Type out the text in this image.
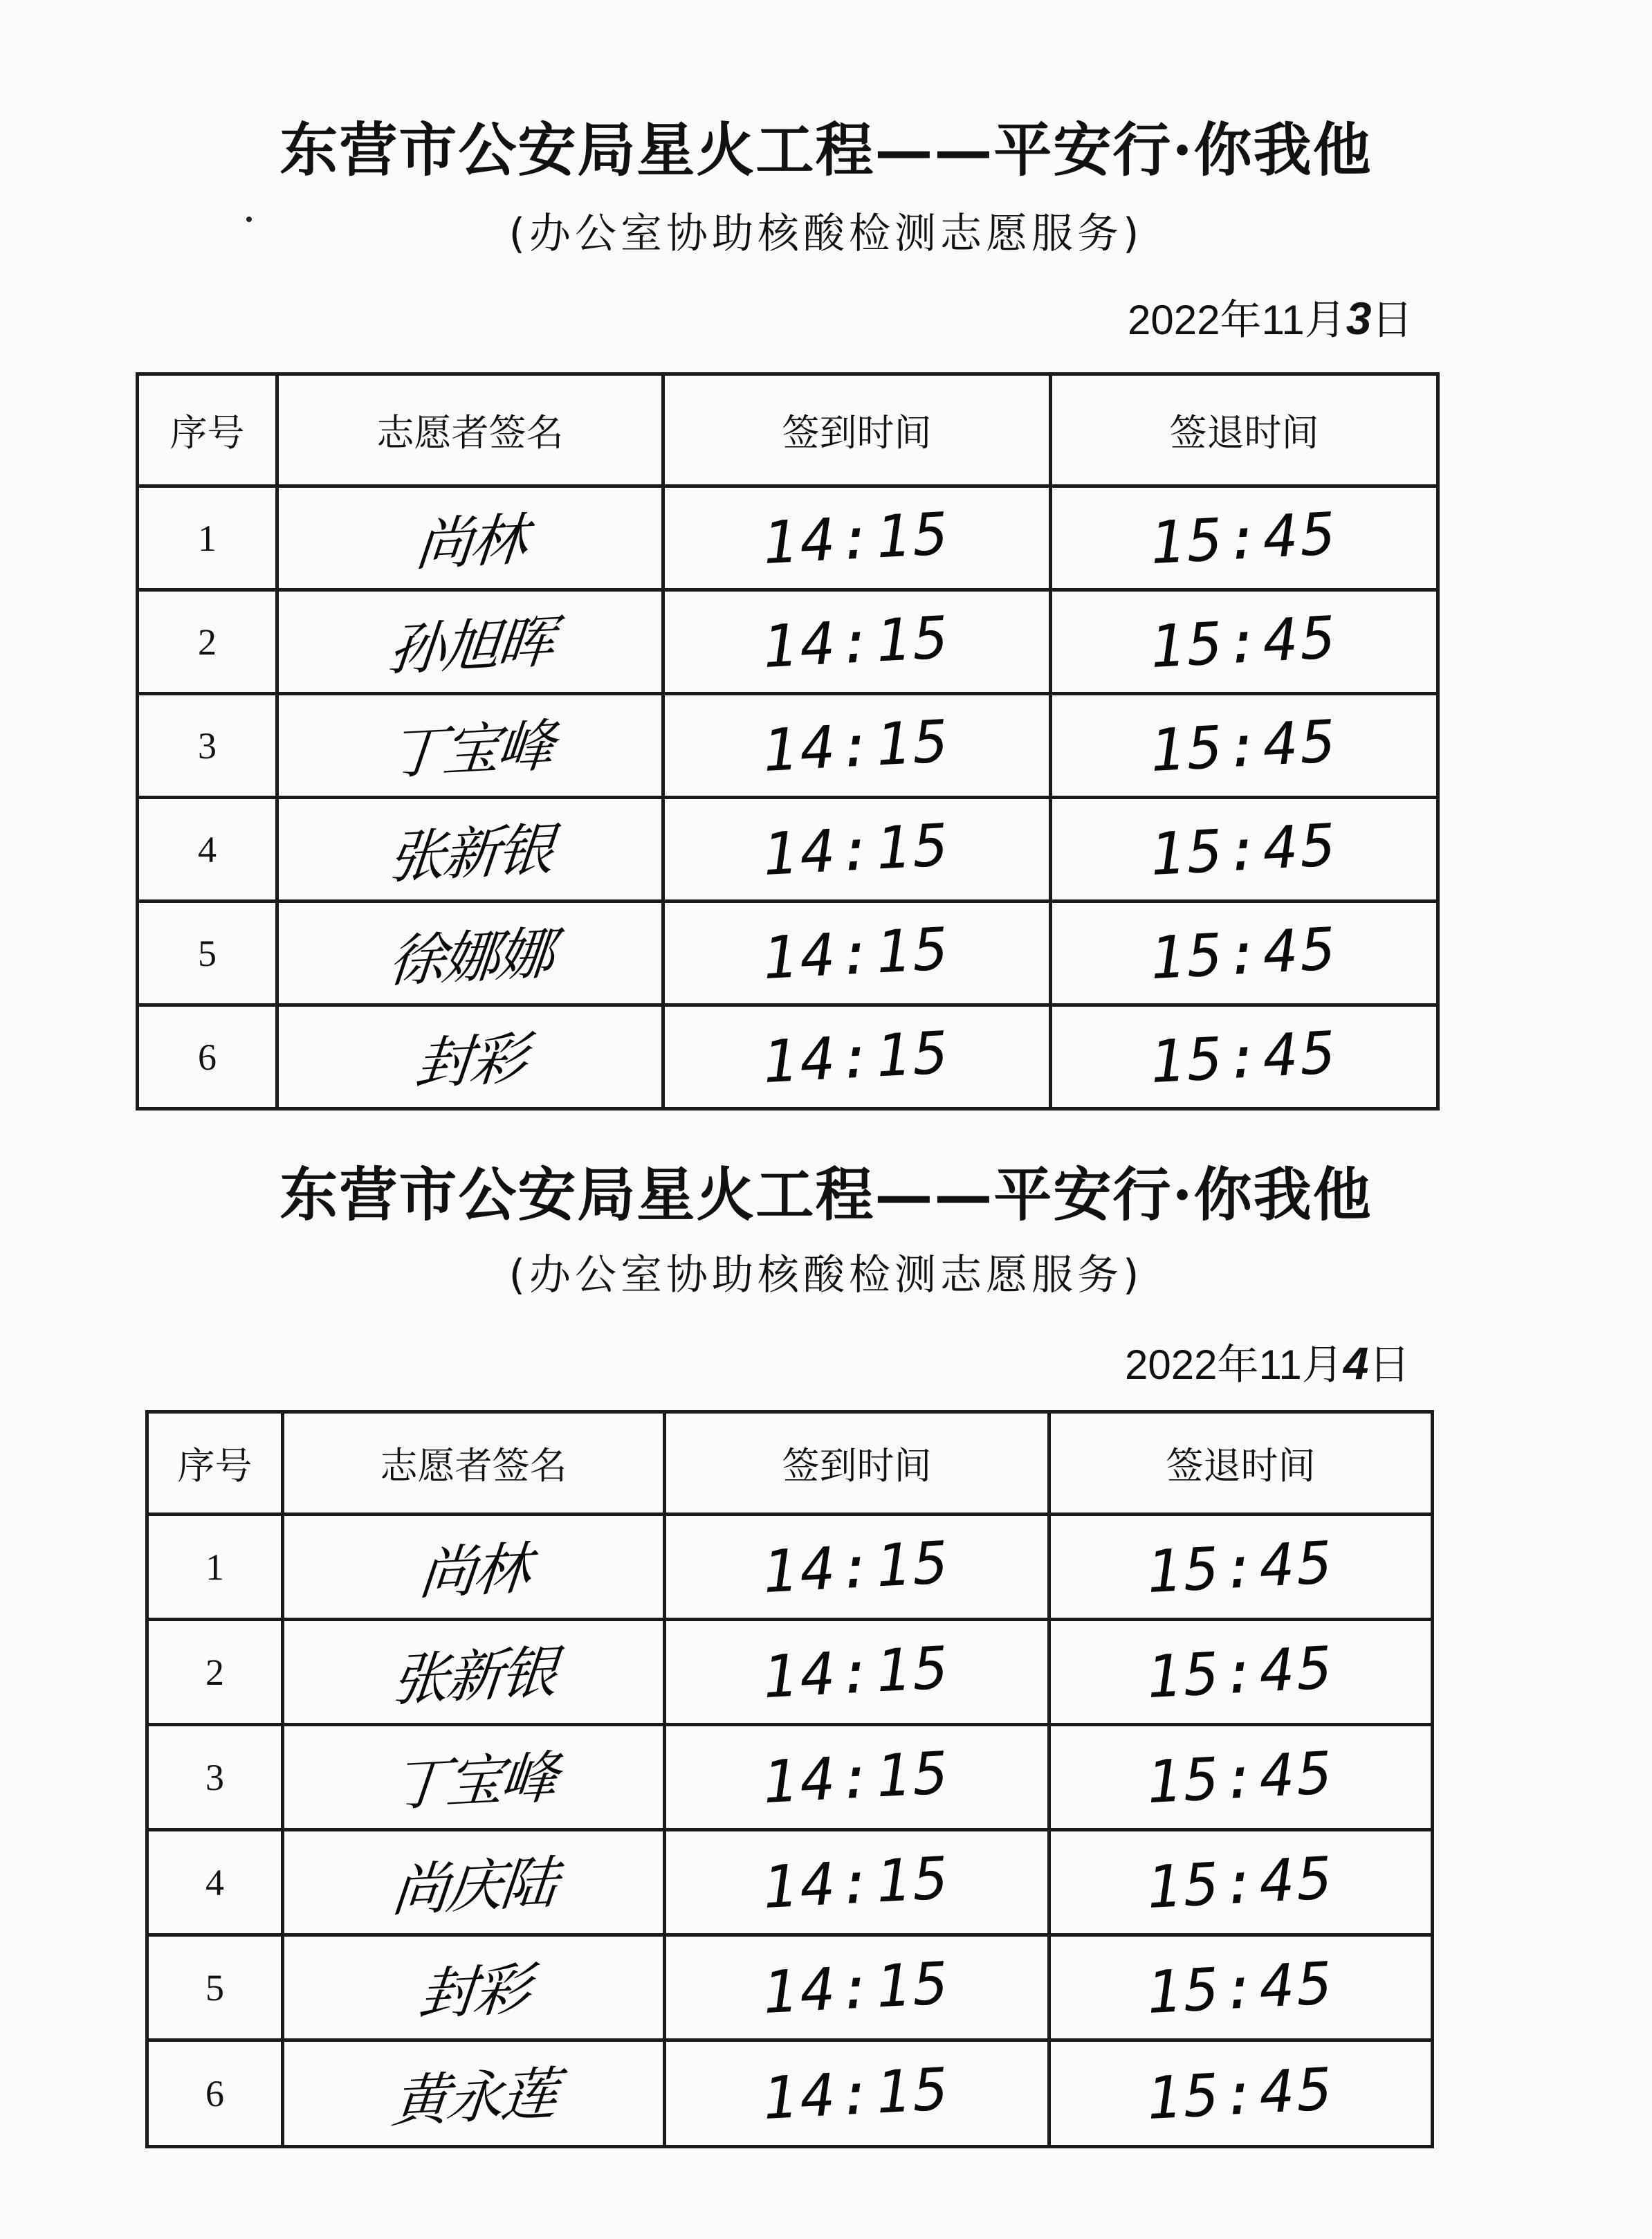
东营市公安局星火工程——平安行·你我他
(办公室协助核酸检测志愿服务)
2022年11月3日
序号	志愿者签名	签到时间	签退时间
1	尚林	14:15	15:45
2	孙旭晖	14:15	15:45
3	丁宝峰	14:15	15:45
4	张新银	14:15	15:45
5	徐娜娜	14:15	15:45
6	封彩	14:15	15:45
东营市公安局星火工程——平安行·你我他
(办公室协助核酸检测志愿服务)
2022年11月4日
序号	志愿者签名	签到时间	签退时间
1	尚林	14:15	15:45
2	张新银	14:15	15:45
3	丁宝峰	14:15	15:45
4	尚庆陆	14:15	15:45
5	封彩	14:15	15:45
6	黄永莲	14:15	15:45
